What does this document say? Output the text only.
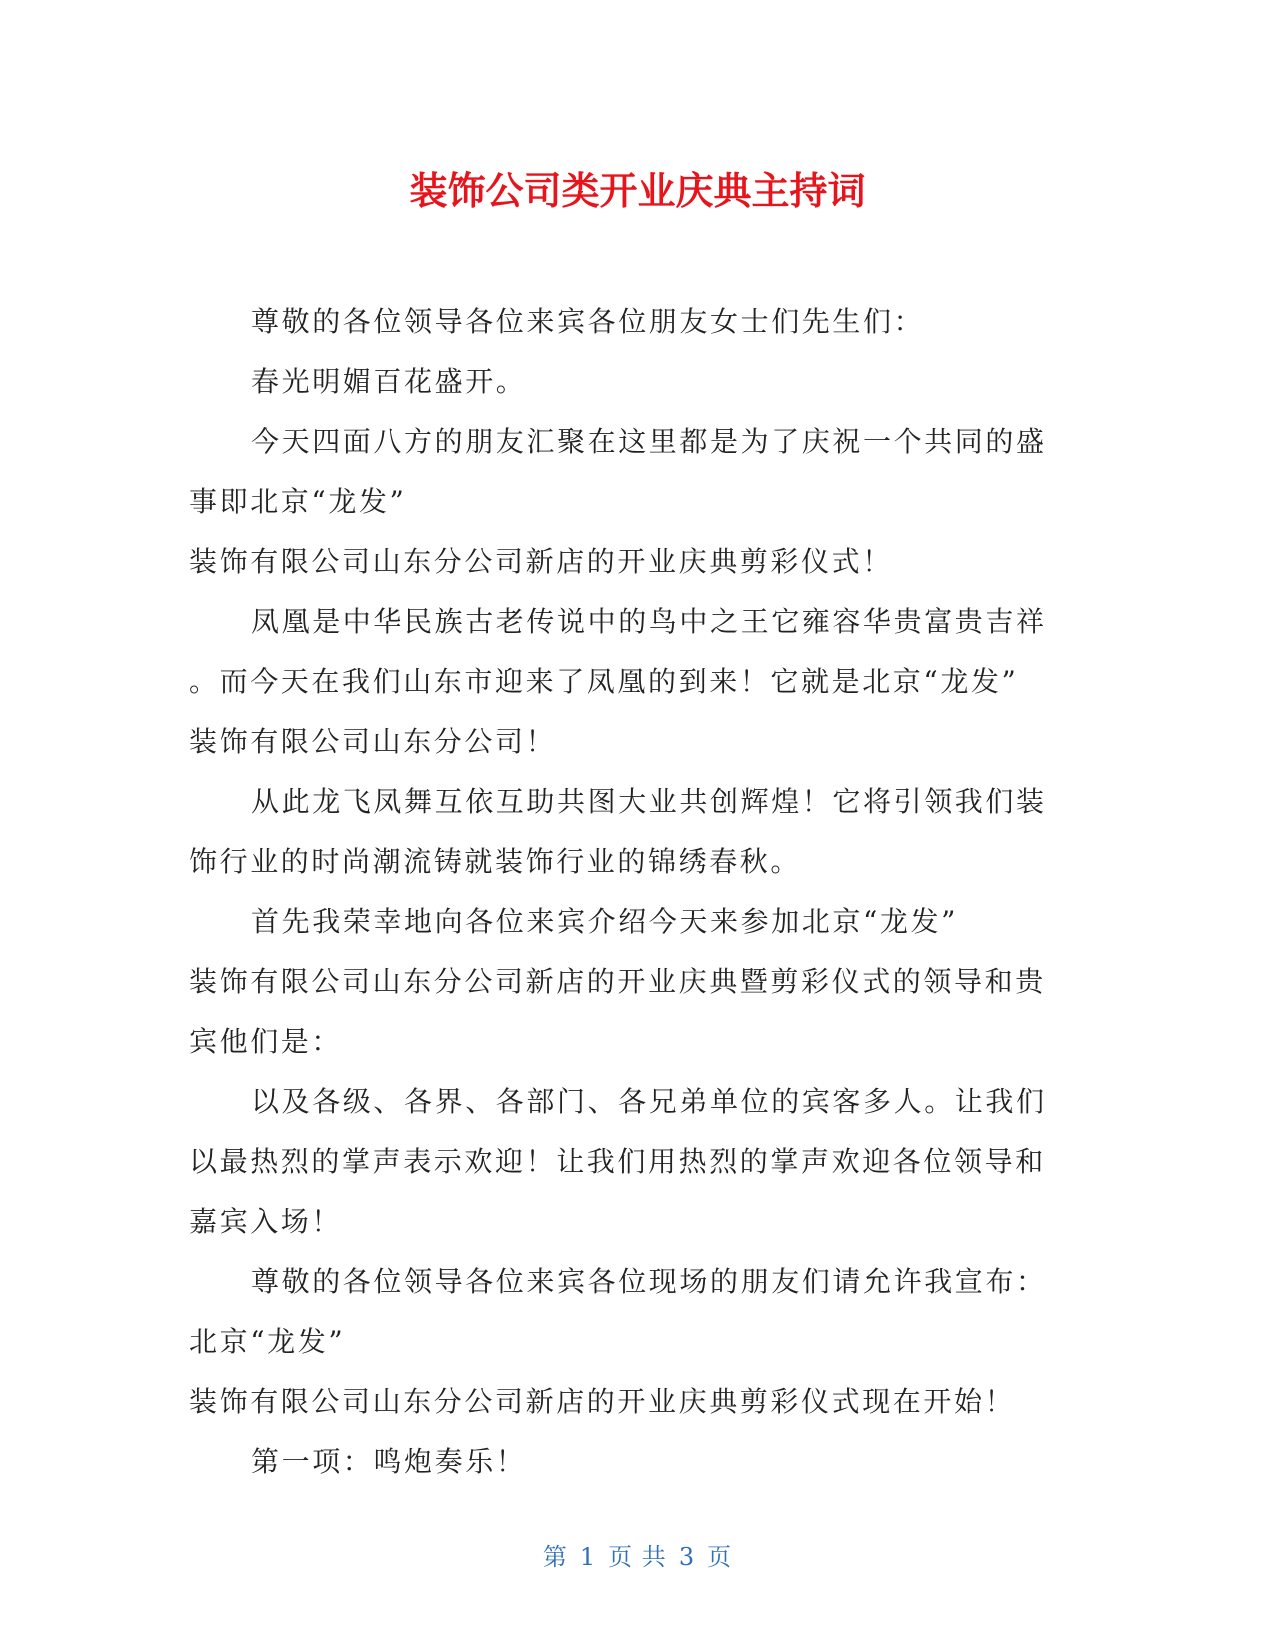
装饰公司类开业庆典主持词
尊敬的各位领导各位来宾各位朋友女士们先生们：
春光明媚百花盛开。
今天四面八方的朋友汇聚在这里都是为了庆祝一个共同的盛
事即北京“龙发”
装饰有限公司山东分公司新店的开业庆典剪彩仪式！
凤凰是中华民族古老传说中的鸟中之王它雍容华贵富贵吉祥
。而今天在我们山东市迎来了凤凰的到来！它就是北京“龙发”
装饰有限公司山东分公司！
从此龙飞凤舞互依互助共图大业共创辉煌！它将引领我们装
饰行业的时尚潮流铸就装饰行业的锦绣春秋。
首先我荣幸地向各位来宾介绍今天来参加北京“龙发”
装饰有限公司山东分公司新店的开业庆典暨剪彩仪式的领导和贵
宾他们是：
以及各级、各界、各部门、各兄弟单位的宾客多人。让我们
以最热烈的掌声表示欢迎！让我们用热烈的掌声欢迎各位领导和
嘉宾入场！
尊敬的各位领导各位来宾各位现场的朋友们请允许我宣布：
北京“龙发”
装饰有限公司山东分公司新店的开业庆典剪彩仪式现在开始！
第一项：鸣炮奏乐！
第 1 页 共 3 页
